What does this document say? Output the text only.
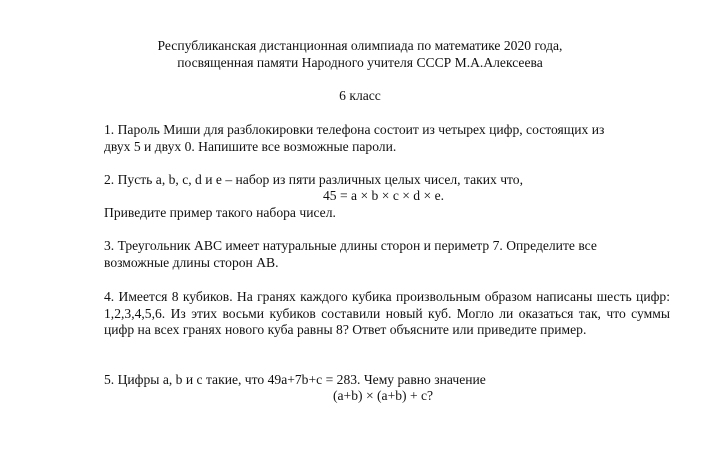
Республиканская дистанционная олимпиада по математике 2020 года,
посвященная памяти Народного учителя СССР М.А.Алексеева
6 класс
1. Пароль Миши для разблокировки телефона состоит из четырех цифр, состоящих из
двух 5 и двух 0. Напишите все возможные пароли.
2. Пусть a, b, c, d и e – набор из пяти различных целых чисел, таких что,
45 = a × b × c × d × e.
Приведите пример такого набора чисел.
3. Треугольник ABC имеет натуральные длины сторон и периметр 7. Определите все
возможные длины сторон AB.
4. Имеется 8 кубиков. На гранях каждого кубика произвольным образом написаны шесть цифр: 1,2,3,4,5,6. Из этих восьми кубиков составили новый куб. Могло ли оказаться так, что суммы цифр на всех гранях нового куба равны 8? Ответ объясните или приведите пример.
5. Цифры a, b и c такие, что 49a+7b+c = 283. Чему равно значение
(a+b) × (a+b) + c?
